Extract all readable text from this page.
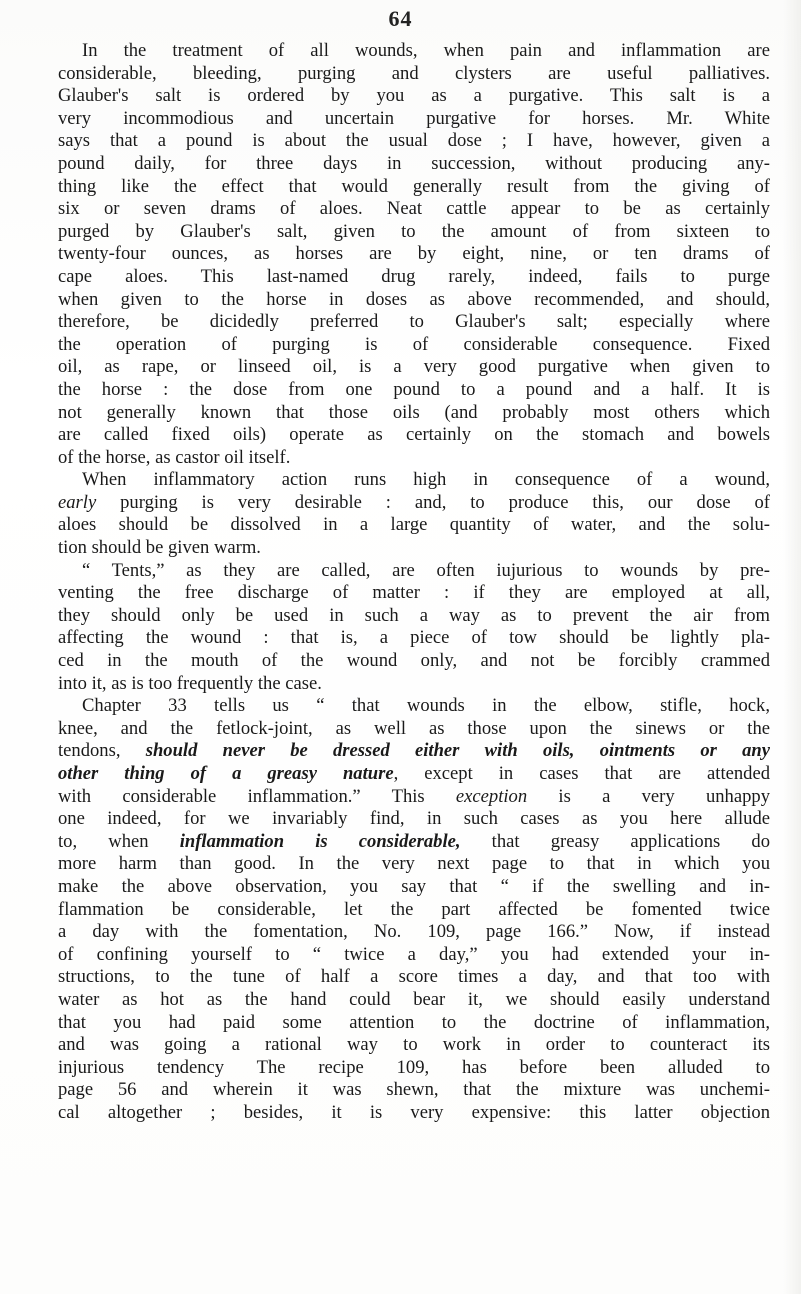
64
In the treatment of all wounds, when pain and inflammation are
considerable, bleeding, purging and clysters are useful palliatives.
Glauber's salt is ordered by you as a purgative. This salt is a
very incommodious and uncertain purgative for horses. Mr. White
says that a pound is about the usual dose ; I have, however, given a
pound daily, for three days in succession, without producing any-
thing like the effect that would generally result from the giving of
six or seven drams of aloes. Neat cattle appear to be as certainly
purged by Glauber's salt, given to the amount of from sixteen to
twenty-four ounces, as horses are by eight, nine, or ten drams of
cape aloes. This last-named drug rarely, indeed, fails to purge
when given to the horse in doses as above recommended, and should,
therefore, be dicidedly preferred to Glauber's salt; especially where
the operation of purging is of considerable consequence. Fixed
oil, as rape, or linseed oil, is a very good purgative when given to
the horse : the dose from one pound to a pound and a half. It is
not generally known that those oils (and probably most others which
are called fixed oils) operate as certainly on the stomach and bowels
of the horse, as castor oil itself.
When inflammatory action runs high in consequence of a wound,
early purging is very desirable : and, to produce this, our dose of
aloes should be dissolved in a large quantity of water, and the solu-
tion should be given warm.
“ Tents,” as they are called, are often iujurious to wounds by pre-
venting the free discharge of matter : if they are employed at all,
they should only be used in such a way as to prevent the air from
affecting the wound : that is, a piece of tow should be lightly pla-
ced in the mouth of the wound only, and not be forcibly crammed
into it, as is too frequently the case.
Chapter 33 tells us “ that wounds in the elbow, stifle, hock,
knee, and the fetlock-joint, as well as those upon the sinews or the
tendons, should never be dressed either with oils, ointments or any
other thing of a greasy nature, except in cases that are attended
with considerable inflammation.” This exception is a very unhappy
one indeed, for we invariably find, in such cases as you here allude
to, when inflammation is considerable, that greasy applications do
more harm than good. In the very next page to that in which you
make the above observation, you say that “ if the swelling and in-
flammation be considerable, let the part affected be fomented twice
a day with the fomentation, No. 109, page 166.” Now, if instead
of confining yourself to “ twice a day,” you had extended your in-
structions, to the tune of half a score times a day, and that too with
water as hot as the hand could bear it, we should easily understand
that you had paid some attention to the doctrine of inflammation,
and was going a rational way to work in order to counteract its
injurious tendency The recipe 109, has before been alluded to
page 56 and wherein it was shewn, that the mixture was unchemi-
cal altogether ; besides, it is very expensive: this latter objection
